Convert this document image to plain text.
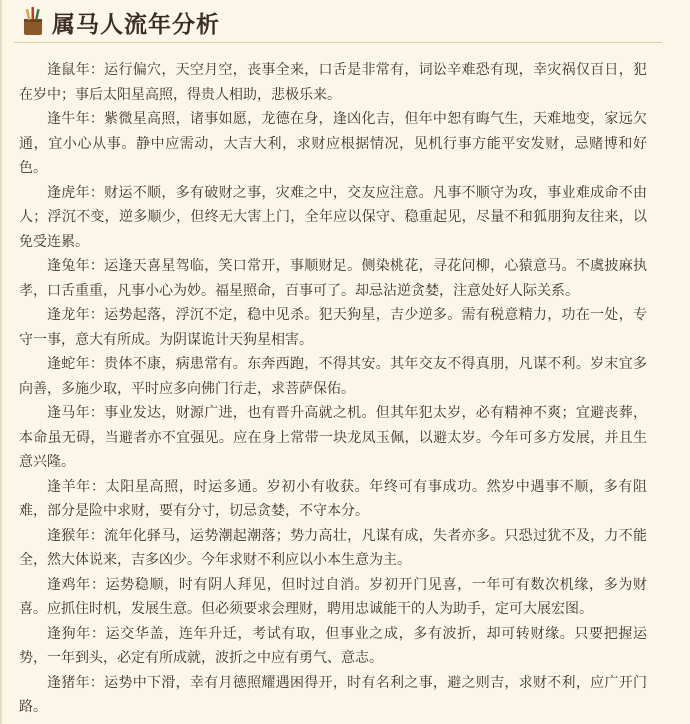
属马人流年分析

逢鼠年：运行偏穴，天空月空，丧事全来，口舌是非常有，词讼辛难恐有现，幸灾祸仅百日，犯在岁中；事后太阳星高照，得贵人相助，悲极乐来。

逢牛年：紫微星高照，诸事如愿，龙德在身，逢凶化吉，但年中恕有晦气生，天难地变，家远欠通，宜小心从事。静中应需动，大吉大利，求财应根据情况，见机行事方能平安发财，忌赌博和好色。

逢虎年：财运不顺，多有破财之事，灾难之中，交友应注意。凡事不顺守为攻，事业难成命不由人；浮沉不变，逆多顺少，但终无大害上门，全年应以保守、稳重起见，尽量不和狐朋狗友往来，以免受连累。

逢兔年：运逢天喜星驾临，笑口常开，事顺财足。侧染桃花，寻花问柳，心猿意马。不虞披麻执孝，口舌重重，凡事小心为妙。福星照命，百事可了。却忌沾逆贪婪，注意处好人际关系。

逢龙年：运势起落，浮沉不定，稳中见杀。犯天狗星，吉少逆多。需有税意精力，功在一处，专守一事，意大有所成。为阴谋诡计天狗星相害。

逢蛇年：贵体不康，病患常有。东奔西跑，不得其安。其年交友不得真朋，凡谋不利。岁末宜多向善，多施少取，平时应多向佛门行走，求菩萨保佑。

逢马年：事业发达，财源广进，也有晋升高就之机。但其年犯太岁，必有精神不爽；宜避丧葬，本命虽无碍，当避者亦不宜强见。应在身上常带一块龙凤玉佩，以避太岁。今年可多方发展，并且生意兴隆。

逢羊年：太阳星高照，时运多通。岁初小有收获。年终可有事成功。然岁中遇事不顺，多有阻难，部分是险中求财，要有分寸，切忌贪婪，不守本分。

逢猴年：流年化驿马，运势潮起潮落；势力高壮，凡谋有成，失者亦多。只恐过犹不及，力不能全，然大体说来，吉多凶少。今年求财不利应以小本生意为主。

逢鸡年：运势稳顺，时有阴人拜见，但时过自消。岁初开门见喜，一年可有数次机缘，多为财喜。应抓住时机，发展生意。但必须要求会理财，聘用忠诚能干的人为助手，定可大展宏图。

逢狗年：运交华盖，连年升迁，考试有取，但事业之成，多有波折，却可转财缘。只要把握运势，一年到头，必定有所成就，波折之中应有勇气、意志。

逢猪年：运势中下滑，幸有月德照耀遇困得开，时有名利之事，避之则吉，求财不利，应广开门路。
